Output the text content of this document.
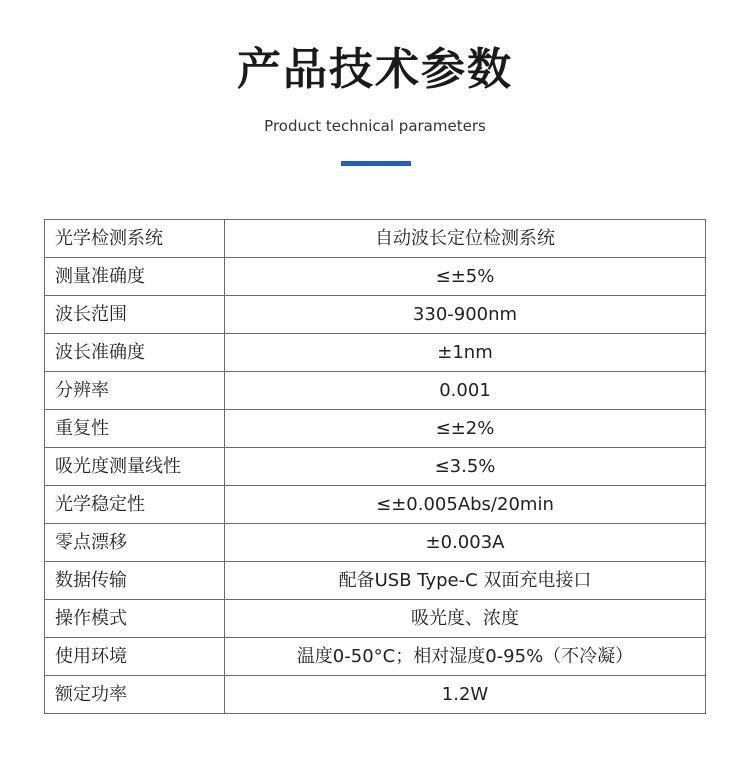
产品技术参数
Product technical parameters
光学检测系统	自动波长定位检测系统
测量准确度	≤±5%
波长范围	330-900nm
波长准确度	±1nm
分辨率	0.001
重复性	≤±2%
吸光度测量线性	≤3.5%
光学稳定性	≤±0.005Abs/20min
零点漂移	±0.003A
数据传输	配备USB Type-C 双面充电接口
操作模式	吸光度、浓度
使用环境	温度0-50°C；相对湿度0-95%（不冷凝）
额定功率	1.2W
